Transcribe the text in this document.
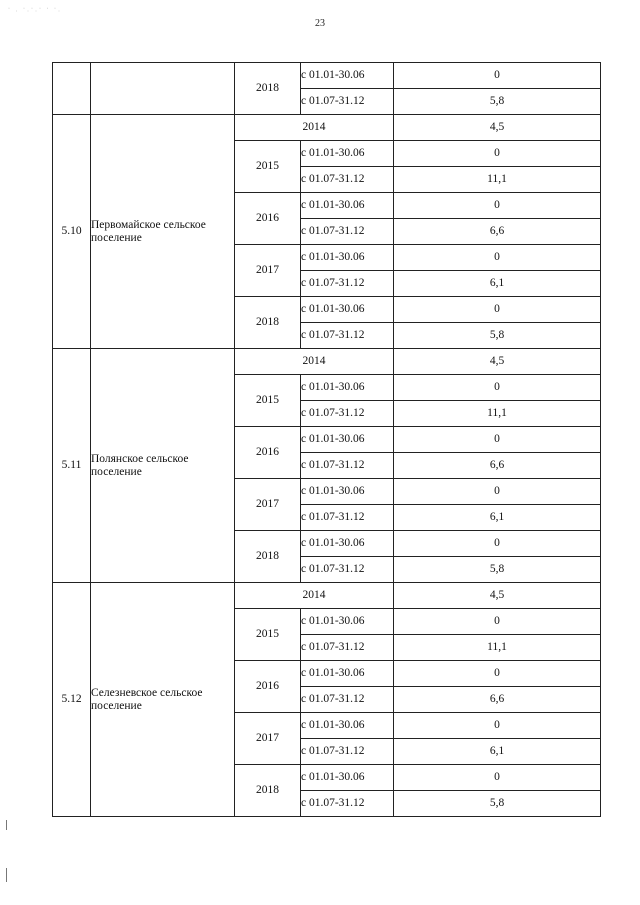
· ˌ ·ˌ·ˌ· · ·ˌ
23
		2018	с 01.01-30.06	0
			с 01.07-31.12	5,8
5.10	Первомайское сельское поселение	2014		4,5
		2015	с 01.01-30.06	0
			с 01.07-31.12	11,1
		2016	с 01.01-30.06	0
			с 01.07-31.12	6,6
		2017	с 01.01-30.06	0
			с 01.07-31.12	6,1
		2018	с 01.01-30.06	0
			с 01.07-31.12	5,8
5.11	Полянское сельское поселение	2014		4,5
		2015	с 01.01-30.06	0
			с 01.07-31.12	11,1
		2016	с 01.01-30.06	0
			с 01.07-31.12	6,6
		2017	с 01.01-30.06	0
			с 01.07-31.12	6,1
		2018	с 01.01-30.06	0
			с 01.07-31.12	5,8
5.12	Селезневское сельское поселение	2014		4,5
		2015	с 01.01-30.06	0
			с 01.07-31.12	11,1
		2016	с 01.01-30.06	0
			с 01.07-31.12	6,6
		2017	с 01.01-30.06	0
			с 01.07-31.12	6,1
		2018	с 01.01-30.06	0
			с 01.07-31.12	5,8
